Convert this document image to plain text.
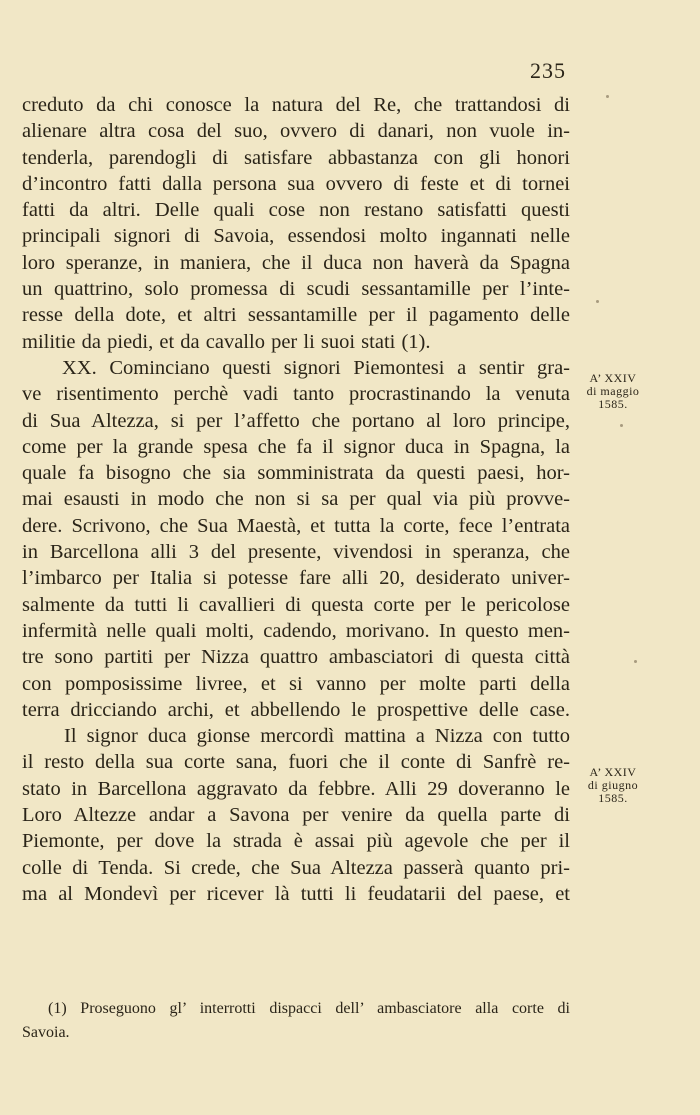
235
creduto da chi conosce la natura del Re, che trattandosi di
alienare altra cosa del suo, ovvero di danari, non vuole in-
tenderla, parendogli di satisfare abbastanza con gli honori
d’incontro fatti dalla persona sua ovvero di feste et di tornei
fatti da altri. Delle quali cose non restano satisfatti questi
principali signori di Savoia, essendosi molto ingannati nelle
loro speranze, in maniera, che il duca non haverà da Spagna
un quattrino, solo promessa di scudi sessantamille per l’inte-
resse della dote, et altri sessantamille per il pagamento delle
militie da piedi, et da cavallo per li suoi stati (1).
XX. Cominciano questi signori Piemontesi a sentir gra-
ve risentimento perchè vadi tanto procrastinando la venuta
di Sua Altezza, si per l’affetto che portano al loro principe,
come per la grande spesa che fa il signor duca in Spagna, la
quale fa bisogno che sia somministrata da questi paesi, hor-
mai esausti in modo che non si sa per qual via più provve-
dere. Scrivono, che Sua Maestà, et tutta la corte, fece l’entrata
in Barcellona alli 3 del presente, vivendosi in speranza, che
l’imbarco per Italia si potesse fare alli 20, desiderato univer-
salmente da tutti li cavallieri di questa corte per le pericolose
infermità nelle quali molti, cadendo, morivano. In questo men-
tre sono partiti per Nizza quattro ambasciatori di questa città
con pomposissime livree, et si vanno per molte parti della
terra dricciando archi, et abbellendo le prospettive delle case.
Il signor duca gionse mercordì mattina a Nizza con tutto
il resto della sua corte sana, fuori che il conte di Sanfrè re-
stato in Barcellona aggravato da febbre. Alli 29 doveranno le
Loro Altezze andar a Savona per venire da quella parte di
Piemonte, per dove la strada è assai più agevole che per il
colle di Tenda. Si crede, che Sua Altezza passerà quanto pri-
ma al Mondevì per ricever là tutti li feudatarii del paese, et
A’ XXIV
di maggio
1585.
A’ XXIV
di giugno
1585.
(1) Proseguono gl’ interrotti dispacci dell’ ambasciatore alla corte di
Savoia.
